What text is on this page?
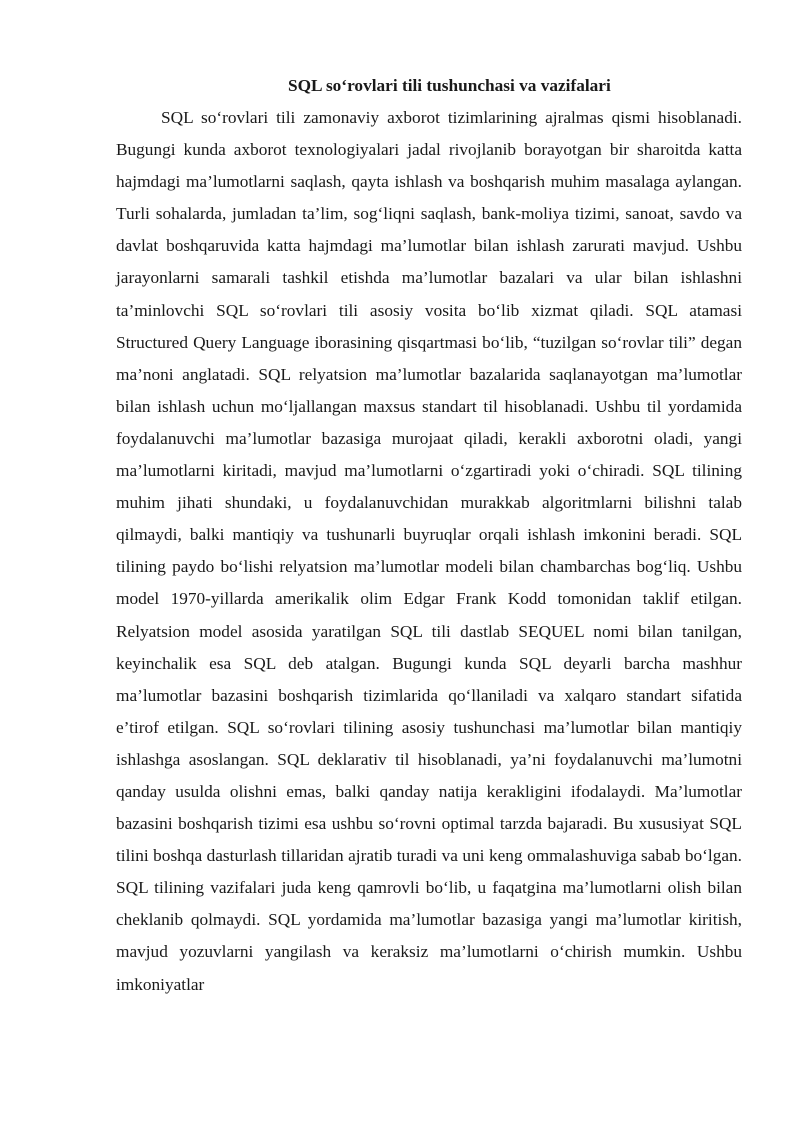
SQL so‘rovlari tili tushunchasi va vazifalari

SQL so‘rovlari tili zamonaviy axborot tizimlarining ajralmas qismi hisoblanadi. Bugungi kunda axborot texnologiyalari jadal rivojlanib borayotgan bir sharoitda katta hajmdagi ma’lumotlarni saqlash, qayta ishlash va boshqarish muhim masalaga aylangan. Turli sohalarda, jumladan ta’lim, sog‘liqni saqlash, bank-moliya tizimi, sanoat, savdo va davlat boshqaruvida katta hajmdagi ma’lumotlar bilan ishlash zarurati mavjud. Ushbu jarayonlarni samarali tashkil etishda ma’lumotlar bazalari va ular bilan ishlashni ta’minlovchi SQL so‘rovlari tili asosiy vosita bo‘lib xizmat qiladi. SQL atamasi Structured Query Language iborasining qisqartmasi bo‘lib, “tuzilgan so‘rovlar tili” degan ma’noni anglatadi. SQL relyatsion ma’lumotlar bazalarida saqlanayotgan ma’lumotlar bilan ishlash uchun mo‘ljallangan maxsus standart til hisoblanadi. Ushbu til yordamida foydalanuvchi ma’lumotlar bazasiga murojaat qiladi, kerakli axborotni oladi, yangi ma’lumotlarni kiritadi, mavjud ma’lumotlarni o‘zgartiradi yoki o‘chiradi. SQL tilining muhim jihati shundaki, u foydalanuvchidan murakkab algoritmlarni bilishni talab qilmaydi, balki mantiqiy va tushunarli buyruqlar orqali ishlash imkonini beradi. SQL tilining paydo bo‘lishi relyatsion ma’lumotlar modeli bilan chambarchas bog‘liq. Ushbu model 1970-yillarda amerikalik olim Edgar Frank Kodd tomonidan taklif etilgan. Relyatsion model asosida yaratilgan SQL tili dastlab SEQUEL nomi bilan tanilgan, keyinchalik esa SQL deb atalgan. Bugungi kunda SQL deyarli barcha mashhur ma’lumotlar bazasini boshqarish tizimlarida qo‘llaniladi va xalqaro standart sifatida e’tirof etilgan. SQL so‘rovlari tilining asosiy tushunchasi ma’lumotlar bilan mantiqiy ishlashga asoslangan. SQL deklarativ til hisoblanadi, ya’ni foydalanuvchi ma’lumotni qanday usulda olishni emas, balki qanday natija kerakligini ifodalaydi. Ma’lumotlar bazasini boshqarish tizimi esa ushbu so‘rovni optimal tarzda bajaradi. Bu xususiyat SQL tilini boshqa dasturlash tillaridan ajratib turadi va uni keng ommalashuviga sabab bo‘lgan. SQL tilining vazifalari juda keng qamrovli bo‘lib, u faqatgina ma’lumotlarni olish bilan cheklanib qolmaydi. SQL yordamida ma’lumotlar bazasiga yangi ma’lumotlar kiritish, mavjud yozuvlarni yangilash va keraksiz ma’lumotlarni o‘chirish mumkin. Ushbu imkoniyatlar
